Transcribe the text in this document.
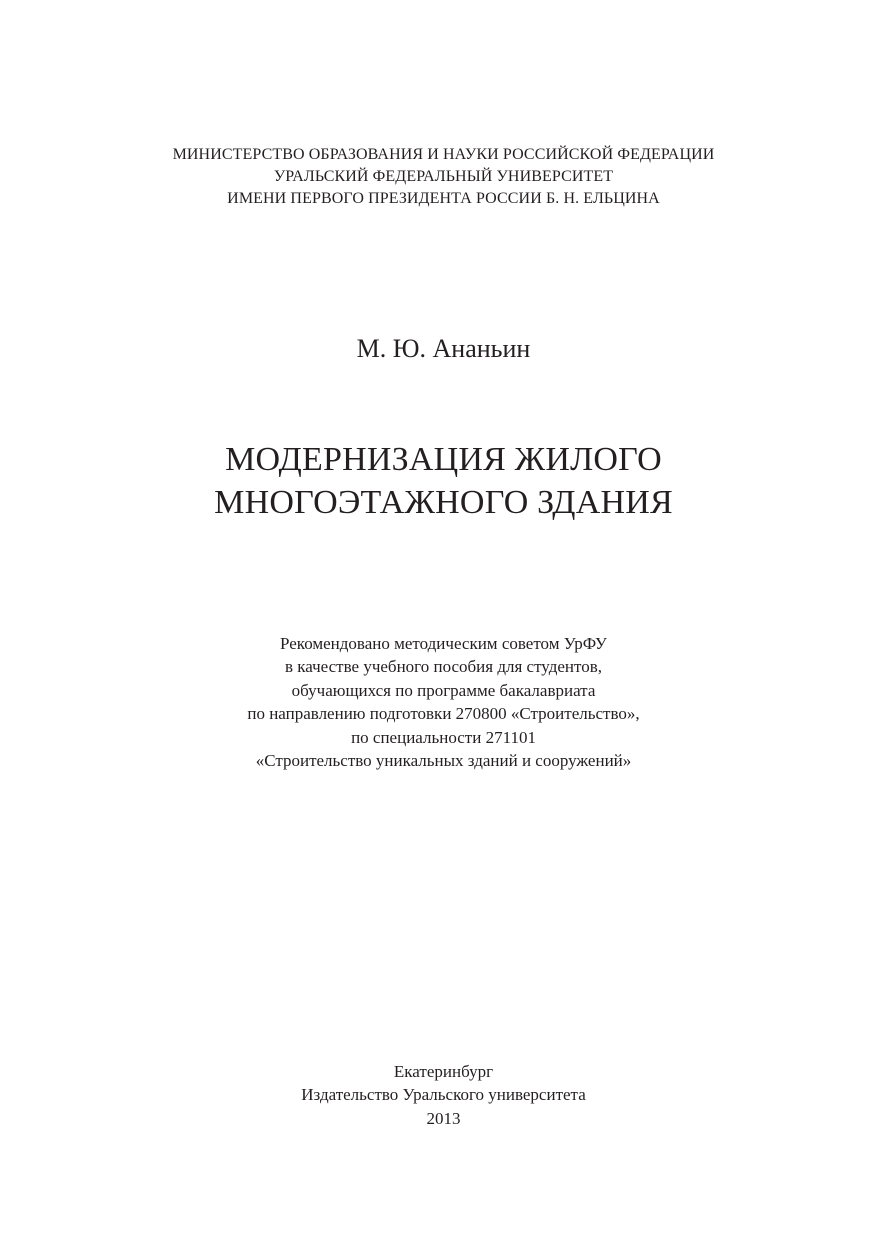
МИНИСТЕРСТВО ОБРАЗОВАНИЯ И НАУКИ РОССИЙСКОЙ ФЕДЕРАЦИИ
УРАЛЬСКИЙ ФЕДЕРАЛЬНЫЙ УНИВЕРСИТЕТ
ИМЕНИ ПЕРВОГО ПРЕЗИДЕНТА РОССИИ Б. Н. ЕЛЬЦИНА
М. Ю. Ананьин
МОДЕРНИЗАЦИЯ ЖИЛОГО
МНОГОЭТАЖНОГО ЗДАНИЯ
Рекомендовано методическим советом УрФУ
в качестве учебного пособия для студентов,
обучающихся по программе бакалавриата
по направлению подготовки 270800 «Строительство»,
по специальности 271101
«Строительство уникальных зданий и сооружений»
Екатеринбург
Издательство Уральского университета
2013
